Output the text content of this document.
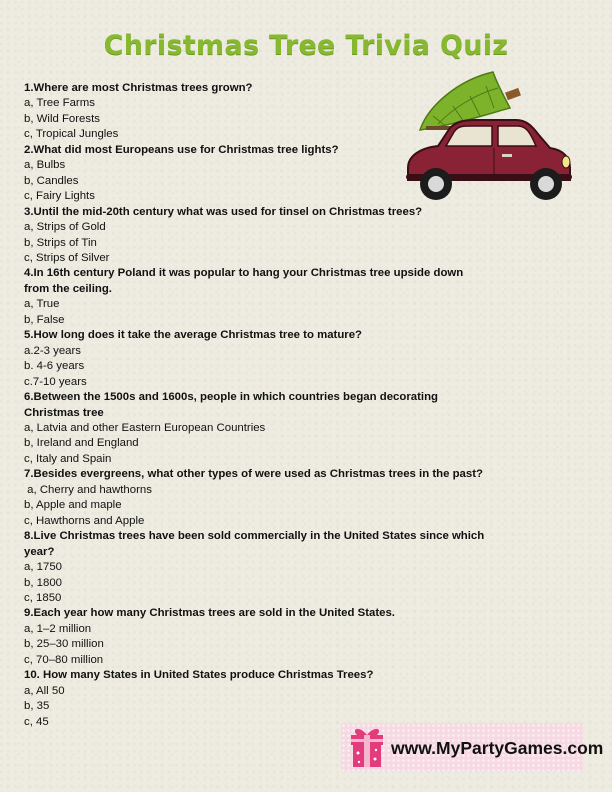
Christmas Tree Trivia Quiz
1.Where are most Christmas trees grown?
a, Tree Farms
b, Wild Forests
c, Tropical Jungles
2.What did most Europeans use for Christmas tree lights?
a, Bulbs
b, Candles
c, Fairy Lights
3.Until the mid-20th century what was used for tinsel on Christmas trees?
a, Strips of Gold
b, Strips of Tin
c, Strips of Silver
4.In 16th century Poland it was popular to hang your Christmas tree upside down
from the ceiling.
a, True
b, False
5.How long does it take the average Christmas tree to mature?
a.2-3 years
b. 4-6 years
c.7-10 years
6.Between the 1500s and 1600s, people in which countries began decorating
Christmas tree
a, Latvia and other Eastern European Countries
b, Ireland and England
c, Italy and Spain
7.Besides evergreens, what other types of were used as Christmas trees in the past?
a, Cherry and hawthorns
b, Apple and maple
c, Hawthorns and Apple
8.Live Christmas trees have been sold commercially in the United States since which
year?
a, 1750
b, 1800
c, 1850
9.Each year how many Christmas trees are sold in the United States.
a, 1–2 million
b, 25–30 million
c, 70–80 million
10. How many States in United States produce Christmas Trees?
a, All 50
b, 35
c, 45
www.MyPartyGames.com
